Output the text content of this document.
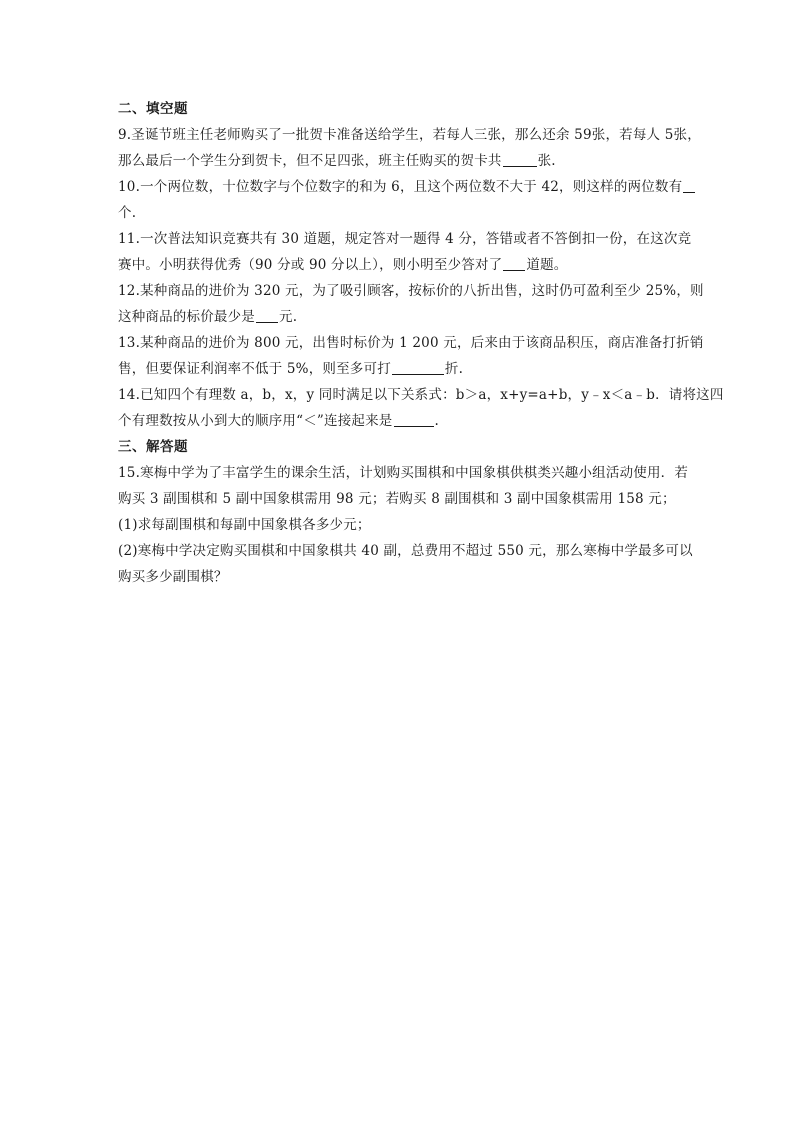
二、填空题

9.圣诞节班主任老师购买了一批贺卡准备送给学生，若每人三张，那么还余 59张，若每人 5张，

那么最后一个学生分到贺卡，但不足四张，班主任购买的贺卡共	张.

10.一个两位数，十位数字与个位数字的和为 6，且这个两位数不大于 42，则这样的两位数有

个.

11.一次普法知识竞赛共有 30 道题，规定答对一题得 4 分，答错或者不答倒扣一份，在这次竞

赛中。小明获得优秀（90 分或 90 分以上），则小明至少答对了 道题。

12.某种商品的进价为 320 元，为了吸引顾客，按标价的八折出售，这时仍可盈利至少 25%，则

这种商品的标价最少是 元.

13.某种商品的进价为 800 元，出售时标价为 1 200 元，后来由于该商品积压，商店准备打折销

售，但要保证利润率不低于 5%，则至多可打	折.

14.已知四个有理数 a，b，x，y 同时满足以下关系式：b＞a，x+y=a+b，y﹣x＜a﹣b．请将这四

个有理数按从小到大的顺序用“＜”连接起来是	.

三、解答题

15.寒梅中学为了丰富学生的课余生活，计划购买围棋和中国象棋供棋类兴趣小组活动使用．若

购买 3 副围棋和 5 副中国象棋需用 98 元；若购买 8 副围棋和 3 副中国象棋需用 158 元；

(1)求每副围棋和每副中国象棋各多少元；

(2)寒梅中学决定购买围棋和中国象棋共 40 副，总费用不超过 550 元，那么寒梅中学最多可以

购买多少副围棋？
